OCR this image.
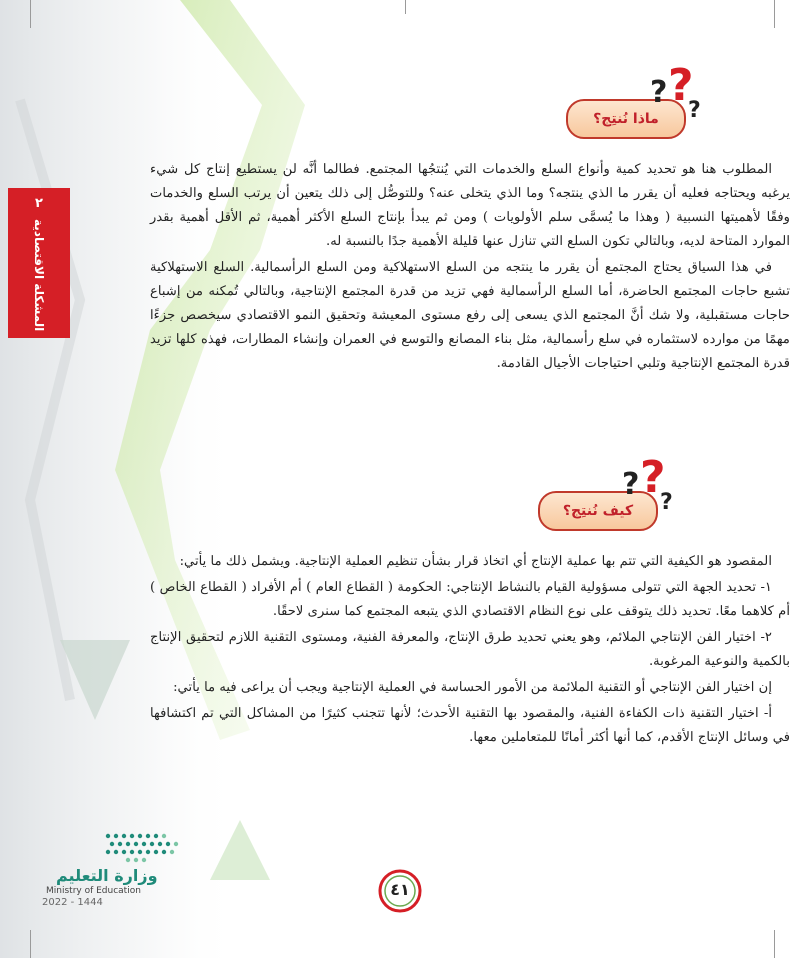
٢
المشكلة الاقتصادية
ماذا نُنتِج؟
?
?
?

المطلوب هنا هو تحديد كمية وأنواع السلع والخدمات التي يُنتجُها المجتمع. فطالما أنَّه لن يستطيع إنتاج كل شيء يرغبه ويحتاجه فعليه أن يقرر ما الذي ينتجه؟ وما الذي يتخلى عنه؟ وللتوصُّل إلى ذلك يتعين أن يرتب السلع والخدمات وفقًا لأهميتها النسبية ( وهذا ما يُسمَّى سلم الأولويات ) ومن ثم يبدأ بإنتاج السلع الأكثر أهمية، ثم الأقل أهمية بقدر الموارد المتاحة لديه، وبالتالي تكون السلع التي تنازل عنها قليلة الأهمية جدًا بالنسبة له.

في هذا السياق يحتاج المجتمع أن يقرر ما ينتجه من السلع الاستهلاكية ومن السلع الرأسمالية. السلع الاستهلاكية تشبع حاجات المجتمع الحاضرة، أما السلع الرأسمالية فهي تزيد من قدرة المجتمع الإنتاجية، وبالتالي تُمكنه من إشباع حاجات مستقبلية، ولا شك أنَّ المجتمع الذي يسعى إلى رفع مستوى المعيشة وتحقيق النمو الاقتصادي سيخصص جزءًا مهمًا من موارده لاستثماره في سلع رأسمالية، مثل بناء المصانع والتوسع في العمران وإنشاء المطارات، فهذه كلها تزيد قدرة المجتمع الإنتاجية وتلبي احتياجات الأجيال القادمة.

كيف نُنتِج؟
?
?
?

المقصود هو الكيفية التي تتم بها عملية الإنتاج أي اتخاذ قرار بشأن تنظيم العملية الإنتاجية. ويشمل ذلك ما يأتي:

١- تحديد الجهة التي تتولى مسؤولية القيام بالنشاط الإنتاجي: الحكومة ( القطاع العام ) أم الأفراد ( القطاع الخاص ) أم كلاهما معًا. تحديد ذلك يتوقف على نوع النظام الاقتصادي الذي يتبعه المجتمع كما سنرى لاحقًا.

٢- اختيار الفن الإنتاجي الملائم، وهو يعني تحديد طرق الإنتاج، والمعرفة الفنية، ومستوى التقنية اللازم لتحقيق الإنتاج بالكمية والنوعية المرغوبة.

إن اختيار الفن الإنتاجي أو التقنية الملائمة من الأمور الحساسة في العملية الإنتاجية ويجب أن يراعى فيه ما يأتي:

أ- اختيار التقنية ذات الكفاءة الفنية، والمقصود بها التقنية الأحدث؛ لأنها تتجنب كثيرًا من المشاكل التي تم اكتشافها في وسائل الإنتاج الأقدم، كما أنها أكثر أمانًا للمتعاملين معها.

وزارة التعليم
Ministry of Education
2022 - 1444
٤١
